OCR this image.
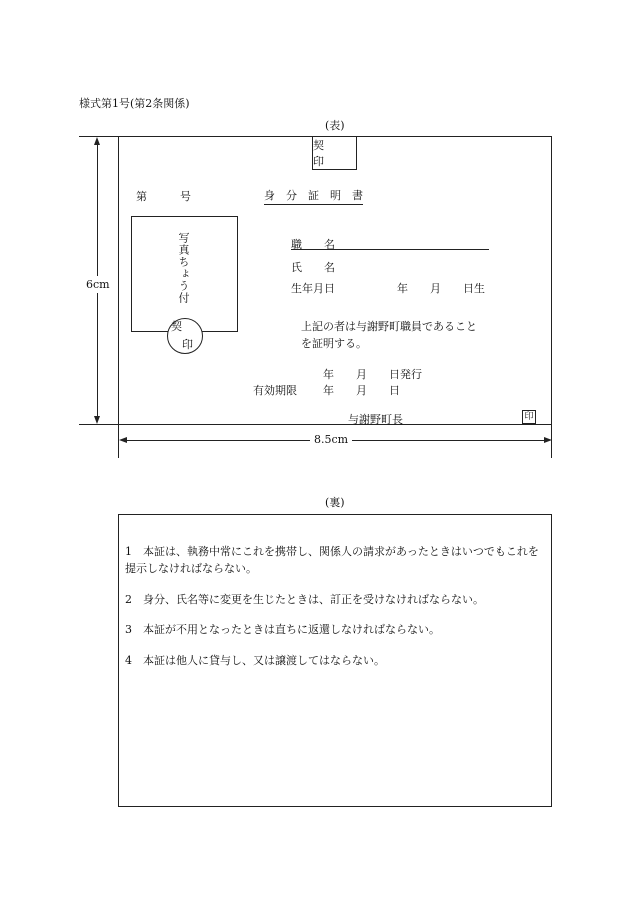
様式第1号(第2条関係)
(表)
6cm
8.5cm
契　印
第　　　号	身　分　証　明　書
写真ちょう付
契
印
職　　名
氏　　名
生年月日	年　　月　　日生
上記の者は与謝野町職員であること
を証明する。
年　　月　　日発行
有効期限 年　　月　　日
与謝野町長	印
(裏)
1　本証は、執務中常にこれを携帯し、関係人の請求があったときはいつでもこれを提示しなければならない。
2　身分、氏名等に変更を生じたときは、訂正を受けなければならない。
3　本証が不用となったときは直ちに返還しなければならない。
4　本証は他人に貸与し、又は譲渡してはならない。
